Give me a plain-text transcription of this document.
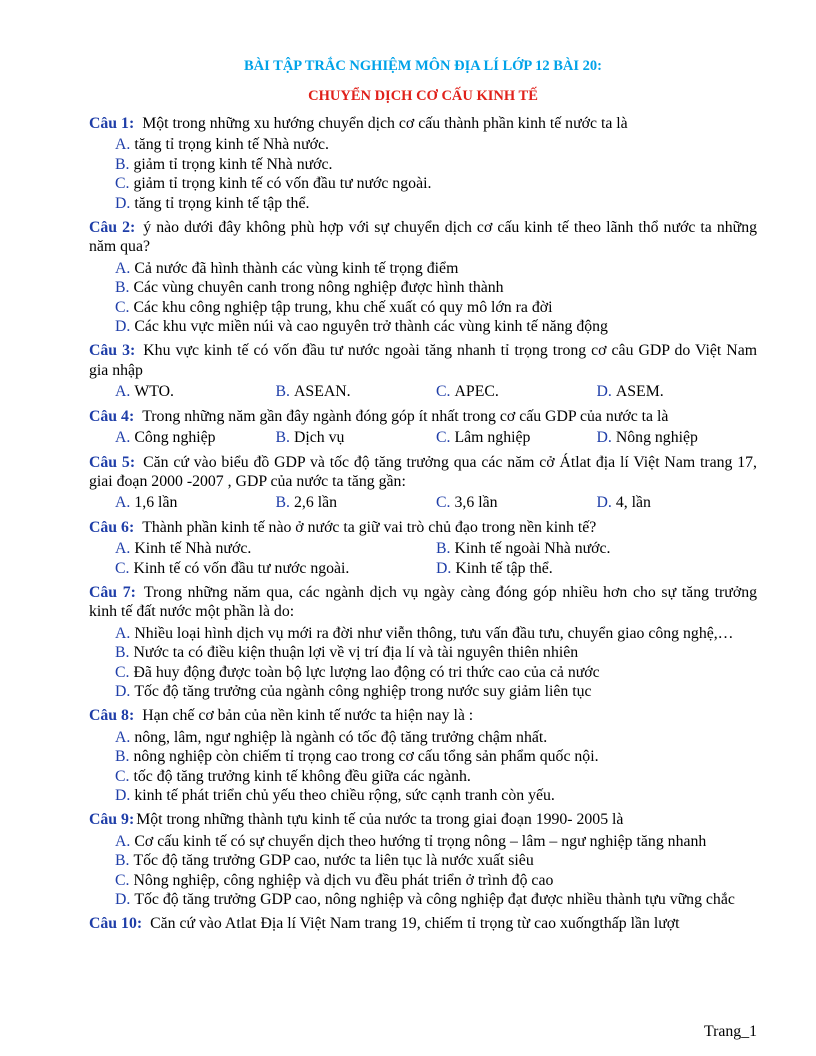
BÀI TẬP TRẮC NGHIỆM MÔN ĐỊA LÍ LỚP 12 BÀI 20:
CHUYỂN DỊCH CƠ CẤU KINH TẾ

Câu 1: Một trong những xu hướng chuyển dịch cơ cấu thành phần kinh tế nước ta là

A. tăng tỉ trọng kinh tế Nhà nước.

B. giảm tỉ trọng kinh tế Nhà nước.

C. giảm tỉ trọng kinh tế có vốn đầu tư nước ngoài.

D. tăng tỉ trọng kinh tế tập thể.

Câu 2: ý nào dưới đây không phù hợp với sự chuyển dịch cơ cấu kinh tế theo lãnh thổ nước ta những năm qua?

A. Cả nước đã hình thành các vùng kinh tế trọng điểm

B. Các vùng chuyên canh trong nông nghiệp được hình thành

C. Các khu công nghiệp tập trung, khu chế xuất có quy mô lớn ra đời

D. Các khu vực miền núi và cao nguyên trở thành các vùng kinh tế năng động

Câu 3: Khu vực kinh tế có vốn đầu tư nước ngoài tăng nhanh tỉ trọng trong cơ câu GDP do Việt Nam gia nhập

A. WTO.	B. ASEAN.	C. APEC.	D. ASEM.

Câu 4: Trong những năm gần đây ngành đóng góp ít nhất trong cơ cấu GDP của nước ta là

A. Công nghiệp	B. Dịch vụ	C. Lâm nghiệp	D. Nông nghiệp

Câu 5: Căn cứ vào biểu đồ GDP và tốc độ tăng trưởng qua các năm cở Átlat địa lí Việt Nam trang 17, giai đoạn 2000 -2007 , GDP của nước ta tăng gần:

A. 1,6 lần	B. 2,6 lần	C. 3,6 lần	D. 4, lần

Câu 6: Thành phần kinh tế nào ở nước ta giữ vai trò chủ đạo trong nền kinh tế?

A. Kinh tế Nhà nước.	B. Kinh tế ngoài Nhà nước.
C. Kinh tế có vốn đầu tư nước ngoài.	D. Kinh tế tập thể.

Câu 7: Trong những năm qua, các ngành dịch vụ ngày càng đóng góp nhiều hơn cho sự tăng trưởng kinh tế đất nước một phần là do:

A. Nhiều loại hình dịch vụ mới ra đời như viễn thông, tưu vấn đầu tưu, chuyển giao công nghệ,…

B. Nước ta có điều kiện thuận lợi về vị trí địa lí và tài nguyên thiên nhiên

C. Đã huy động được toàn bộ lực lượng lao động có tri thức cao của cả nước

D. Tốc độ tăng trưởng của ngành công nghiệp trong nước suy giảm liên tục

Câu 8: Hạn chế cơ bản của nền kinh tế nước ta hiện nay là :

A. nông, lâm, ngư nghiệp là ngành có tốc độ tăng trưởng chậm nhất.

B. nông nghiệp còn chiếm tỉ trọng cao trong cơ cấu tổng sản phẩm quốc nội.

C. tốc độ tăng trưởng kinh tế không đều giữa các ngành.

D. kinh tế phát triển chủ yếu theo chiều rộng, sức cạnh tranh còn yếu.

Câu 9: Một trong những thành tựu kinh tế của nước ta trong giai đoạn 1990- 2005 là

A. Cơ cấu kinh tế có sự chuyển dịch theo hướng tỉ trọng nông – lâm – ngư nghiệp tăng nhanh

B. Tốc độ tăng trưởng GDP cao, nước ta liên tục là nước xuất siêu

C. Nông nghiệp, công nghiệp và dịch vu đều phát triển ở trình độ cao

D. Tốc độ tăng trưởng GDP cao, nông nghiệp và công nghiệp đạt được nhiều thành tựu vững chắc

Câu 10: Căn cứ vào Atlat Địa lí Việt Nam trang 19, chiếm tỉ trọng từ cao xuốngthấp lần lượt

Trang_1
